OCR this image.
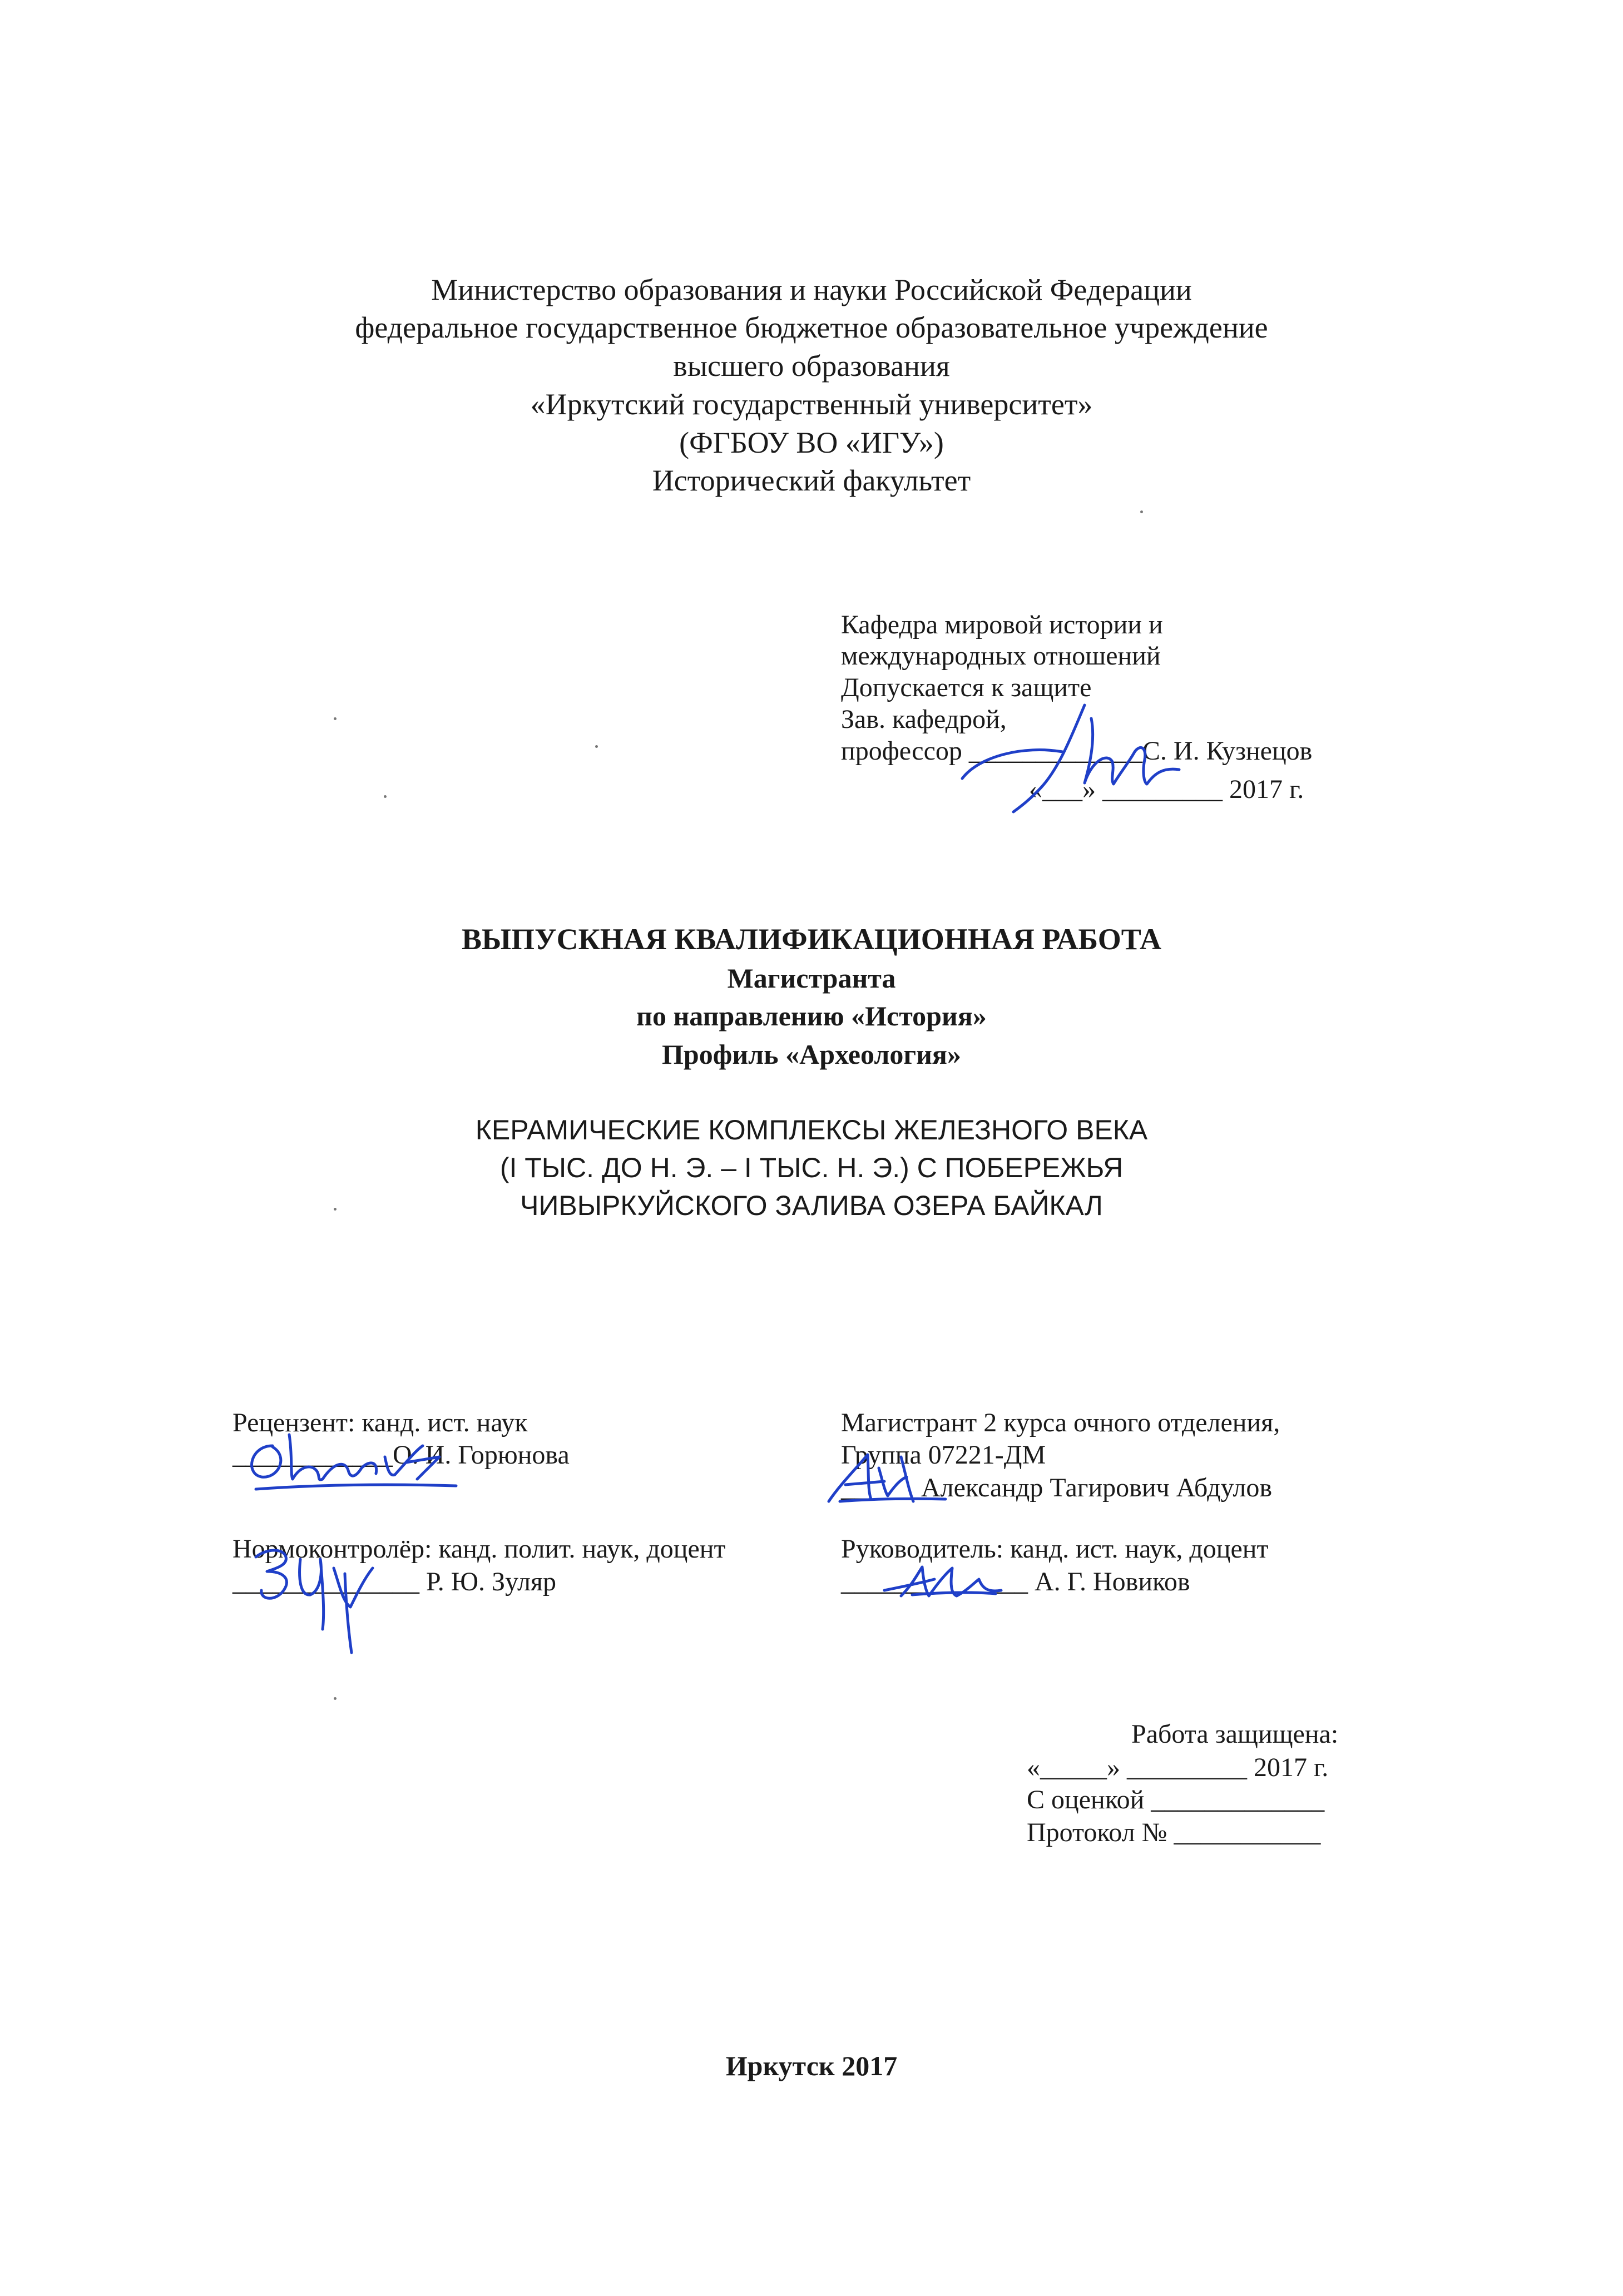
Министерство образования и науки Российской Федерации
федеральное государственное бюджетное образовательное учреждение
высшего образования
«Иркутский государственный университет»
(ФГБОУ ВО «ИГУ»)
Исторический факультет
Кафедра мировой истории и
международных отношений
Допускается к защите
Зав. кафедрой,
профессор _____________С. И. Кузнецов
«___» _________ 2017 г.
ВЫПУСКНАЯ КВАЛИФИКАЦИОННАЯ РАБОТА
Магистранта
по направлению «История»
Профиль «Археология»
КЕРАМИЧЕСКИЕ КОМПЛЕКСЫ ЖЕЛЕЗНОГО ВЕКА
(I ТЫС. ДО Н. Э. – I ТЫС. Н. Э.) С ПОБЕРЕЖЬЯ
ЧИВЫРКУЙСКОГО ЗАЛИВА ОЗЕРА БАЙКАЛ
Рецензент: канд. ист. наук
____________О. И. Горюнова
Магистрант 2 курса очного отделения,
Группа 07221-ДМ
______Александр Тагирович Абдулов
Нормоконтролёр: канд. полит. наук, доцент
______________ Р. Ю. Зуляр
Руководитель: канд. ист. наук, доцент
______________ А. Г. Новиков
Работа защищена:
«_____» _________ 2017 г.
С оценкой _____________
Протокол № ___________
Иркутск 2017
